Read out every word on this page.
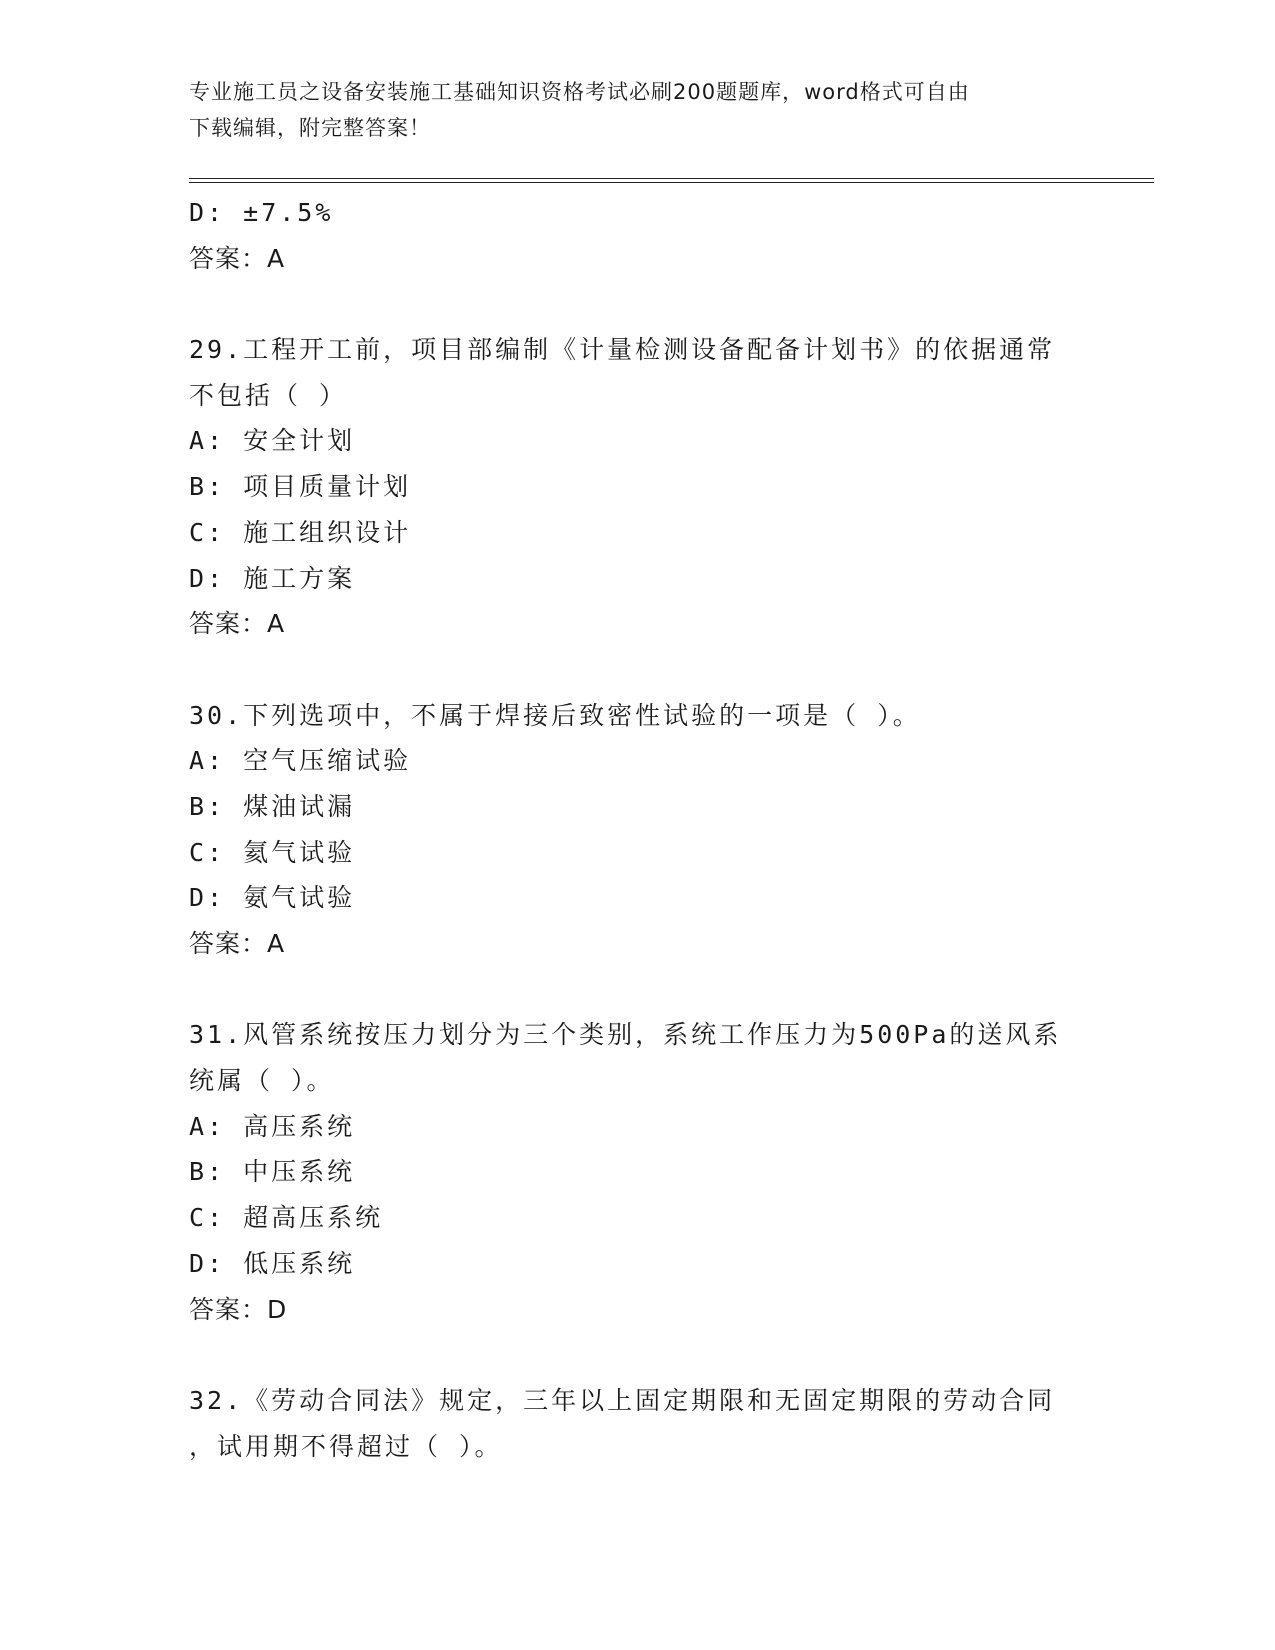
专业施工员之设备安装施工基础知识资格考试必刷200题题库，word格式可自由
下载编辑，附完整答案！
D: ±7.5%
答案：A
29.工程开工前，项目部编制《计量检测设备配备计划书》的依据通常
不包括（ ）
A: 安全计划
B: 项目质量计划
C: 施工组织设计
D: 施工方案
答案：A
30.下列选项中，不属于焊接后致密性试验的一项是（ ）。
A: 空气压缩试验
B: 煤油试漏
C: 氦气试验
D: 氨气试验
答案：A
31.风管系统按压力划分为三个类别，系统工作压力为500Pa的送风系
统属（ ）。
A: 高压系统
B: 中压系统
C: 超高压系统
D: 低压系统
答案：D
32.《劳动合同法》规定，三年以上固定期限和无固定期限的劳动合同
，试用期不得超过（ ）。
